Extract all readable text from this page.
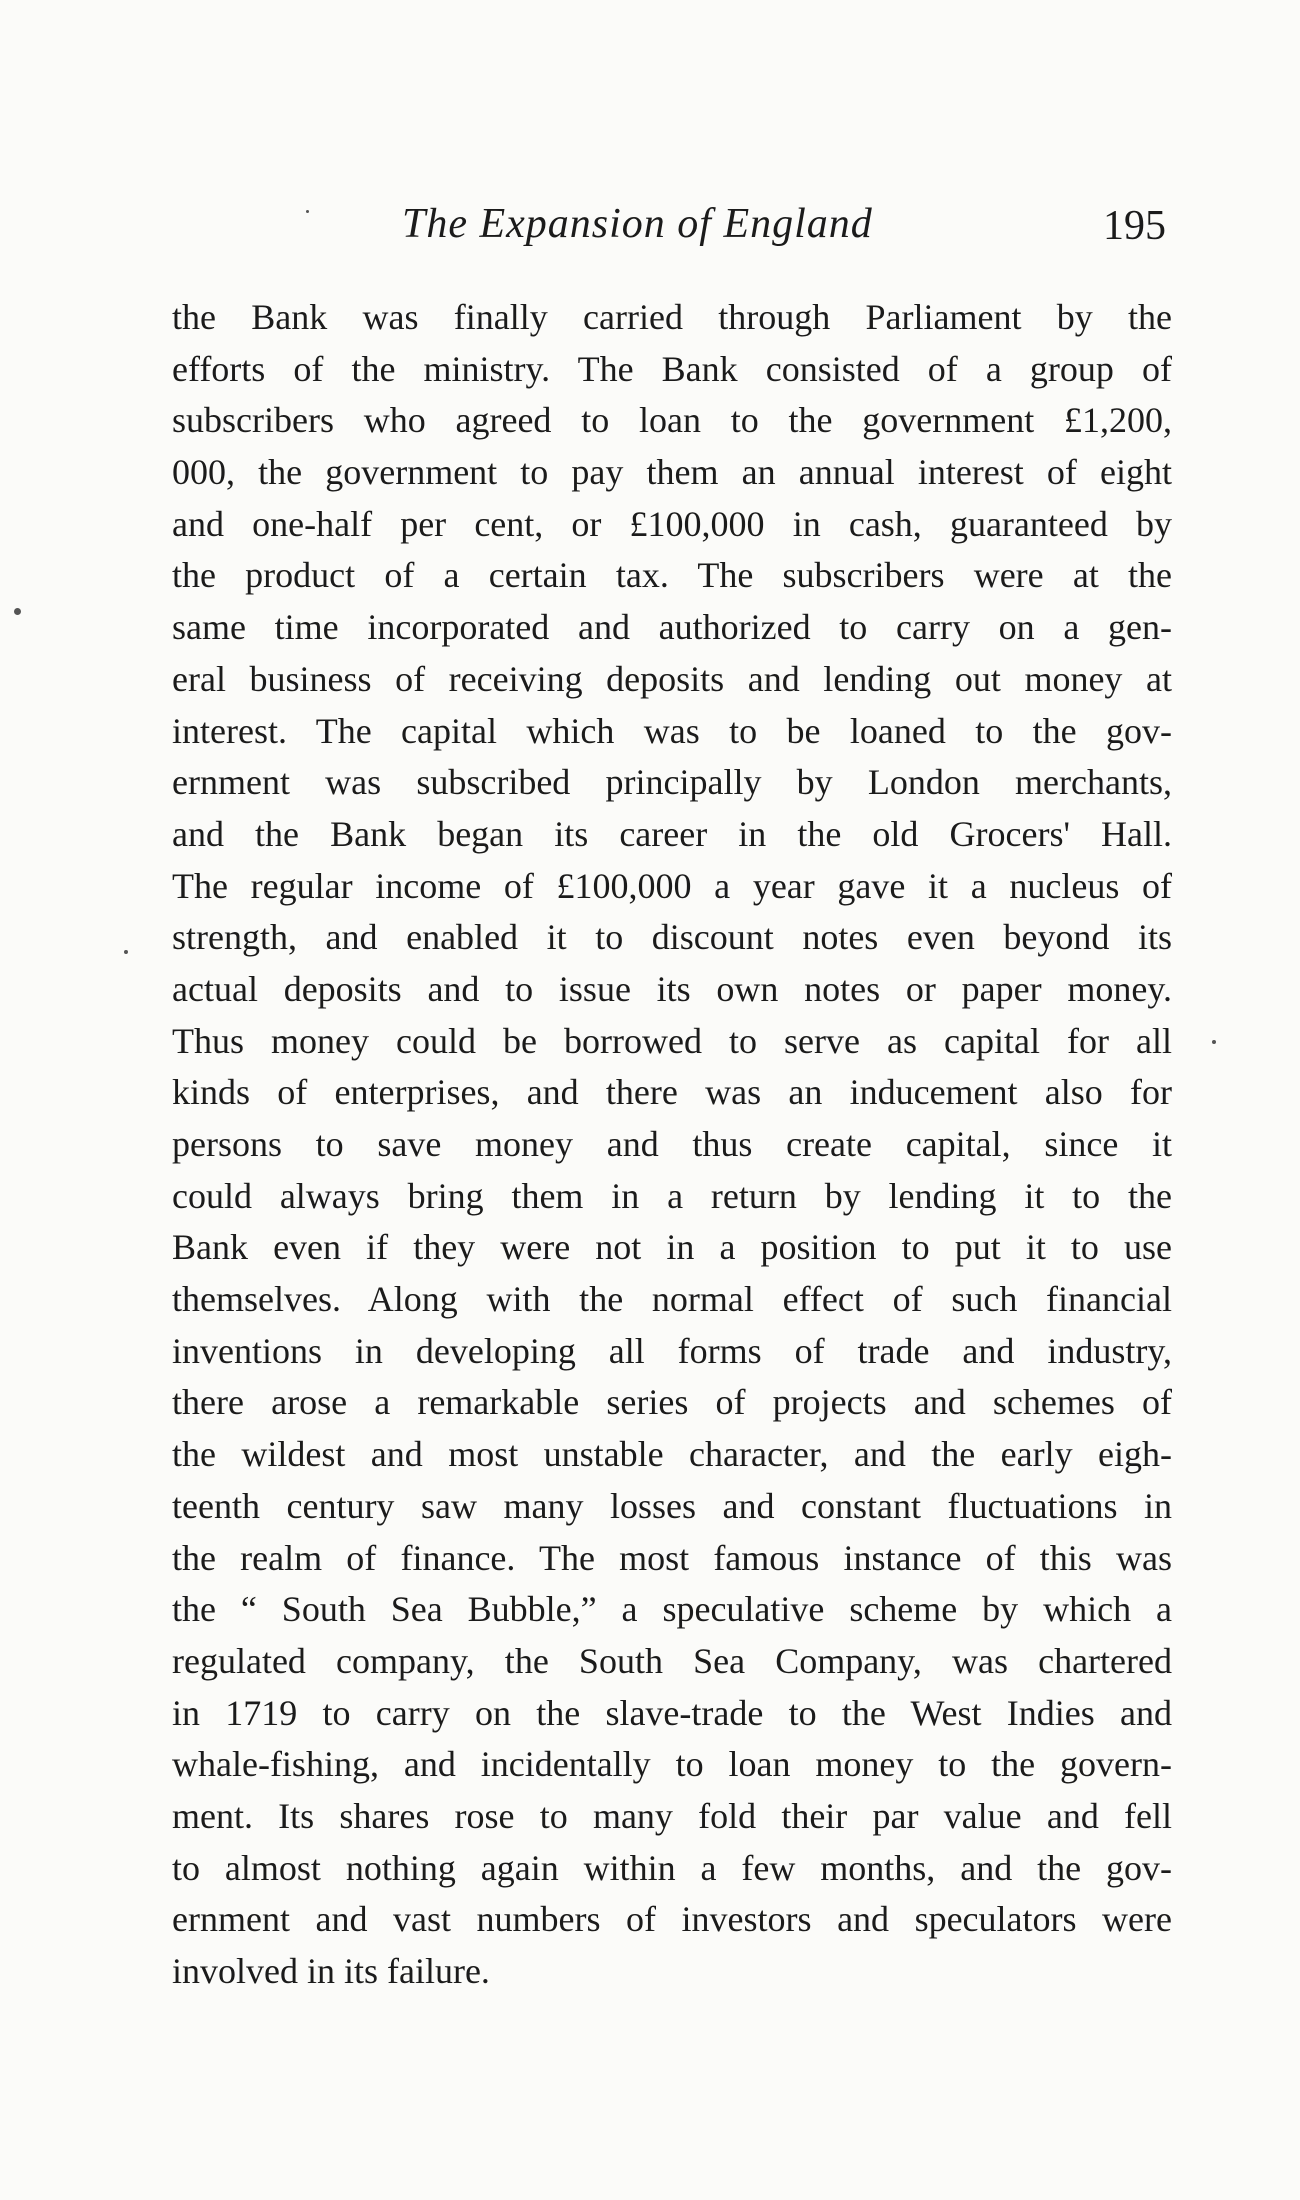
The Expansion of England	195
the Bank was finally carried through Parliament by the
efforts of the ministry. The Bank consisted of a group of
subscribers who agreed to loan to the government £1,200,
000, the government to pay them an annual interest of eight
and one-half per cent, or £100,000 in cash, guaranteed by
the product of a certain tax. The subscribers were at the
same time incorporated and authorized to carry on a gen-
eral business of receiving deposits and lending out money at
interest. The capital which was to be loaned to the gov-
ernment was subscribed principally by London merchants,
and the Bank began its career in the old Grocers' Hall.
The regular income of £100,000 a year gave it a nucleus of
strength, and enabled it to discount notes even beyond its
actual deposits and to issue its own notes or paper money.
Thus money could be borrowed to serve as capital for all
kinds of enterprises, and there was an inducement also for
persons to save money and thus create capital, since it
could always bring them in a return by lending it to the
Bank even if they were not in a position to put it to use
themselves. Along with the normal effect of such financial
inventions in developing all forms of trade and industry,
there arose a remarkable series of projects and schemes of
the wildest and most unstable character, and the early eigh-
teenth century saw many losses and constant fluctuations in
the realm of finance. The most famous instance of this was
the “ South Sea Bubble,” a speculative scheme by which a
regulated company, the South Sea Company, was chartered
in 1719 to carry on the slave-trade to the West Indies and
whale-fishing, and incidentally to loan money to the govern-
ment. Its shares rose to many fold their par value and fell
to almost nothing again within a few months, and the gov-
ernment and vast numbers of investors and speculators were
involved in its failure.
